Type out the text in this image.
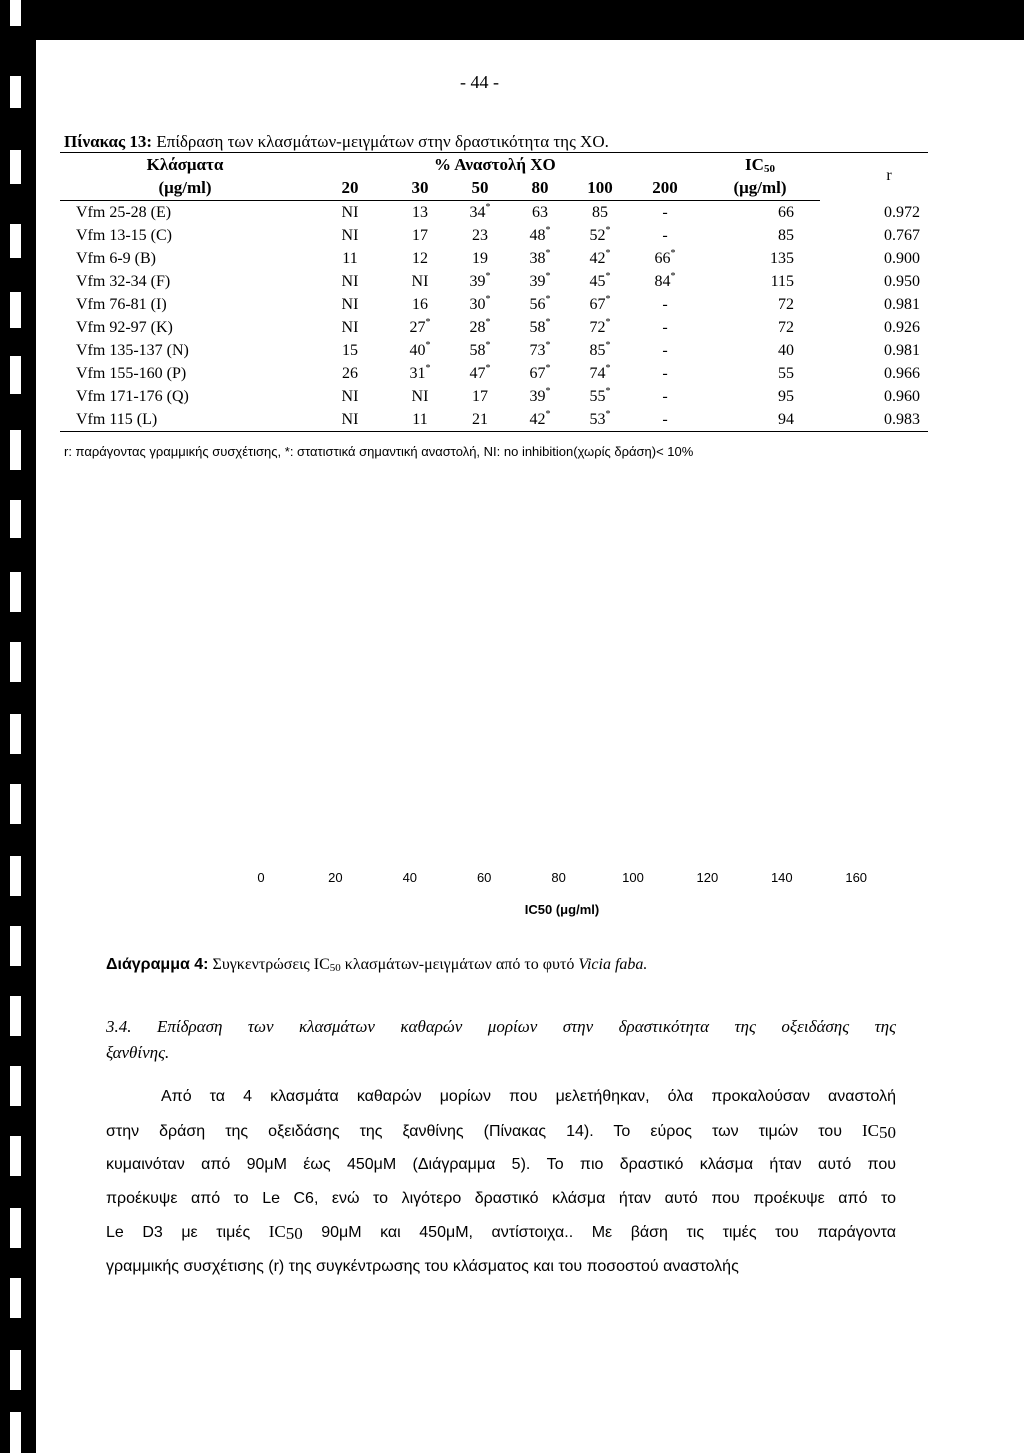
- 44 -
Πίνακας 13: Επίδραση των κλασμάτων-μειγμάτων στην δραστικότητα της ΧΟ.
Κλάσματα		% Αναστολή ΧΟ					$IC_{50}$	r
(μg/ml)	20	30	50	80	100	200	(μg/ml)	
Vfm 25-28 (E)	NI	13	34*	63	85	-	66	0.972
Vfm 13-15 (C)	NI	17	23	48*	52*	-	85	0.767
Vfm 6-9 (B)	11	12	19	38*	42*	66*	135	0.900
Vfm 32-34 (F)	NI	NI	39*	39*	45*	84*	115	0.950
Vfm 76-81 (I)	NI	16	30*	56*	67*	-	72	0.981
Vfm 92-97 (K)	NI	27*	28*	58*	72*	-	72	0.926
Vfm 135-137 (N)	15	40*	58*	73*	85*	-	40	0.981
Vfm 155-160 (P)	26	31*	47*	67*	74*	-	55	0.966
Vfm 171-176 (Q)	NI	NI	17	39*	55*	-	95	0.960
Vfm 115 (L)	NI	11	21	42*	53*	-	94	0.983
r: παράγοντας γραμμικής συσχέτισης, *: στατιστικά σημαντική αναστολή, NI: no inhibition(χωρίς δράση)< 10%
0	20	40	60	80	100	120	140	160
IC50 (μg/ml)
Διάγραμμα 4: Συγκεντρώσεις $IC_{50}$ κλασμάτων-μειγμάτων από το φυτό Vicia faba.
3.4. Επίδραση των κλασμάτων καθαρών μορίων στην δραστικότητα της οξειδάσης της
ξανθίνης.
Από τα 4 κλασμάτα καθαρών μορίων που μελετήθηκαν, όλα προκαλούσαν αναστολή
στην δράση της οξειδάσης της ξανθίνης (Πίνακας 14). Το εύρος των τιμών του $IC_{50}$
κυμαινόταν από 90μM έως 450μM (Διάγραμμα 5). Το πιο δραστικό κλάσμα ήταν αυτό που
προέκυψε από το Le C6, ενώ το λιγότερο δραστικό κλάσμα ήταν αυτό που προέκυψε από το
Le D3 με τιμές $IC_{50}$ 90μM και 450μM, αντίστοιχα.. Με βάση τις τιμές του παράγοντα
γραμμικής συσχέτισης (r) της συγκέντρωσης του κλάσματος και του ποσοστού αναστολής
